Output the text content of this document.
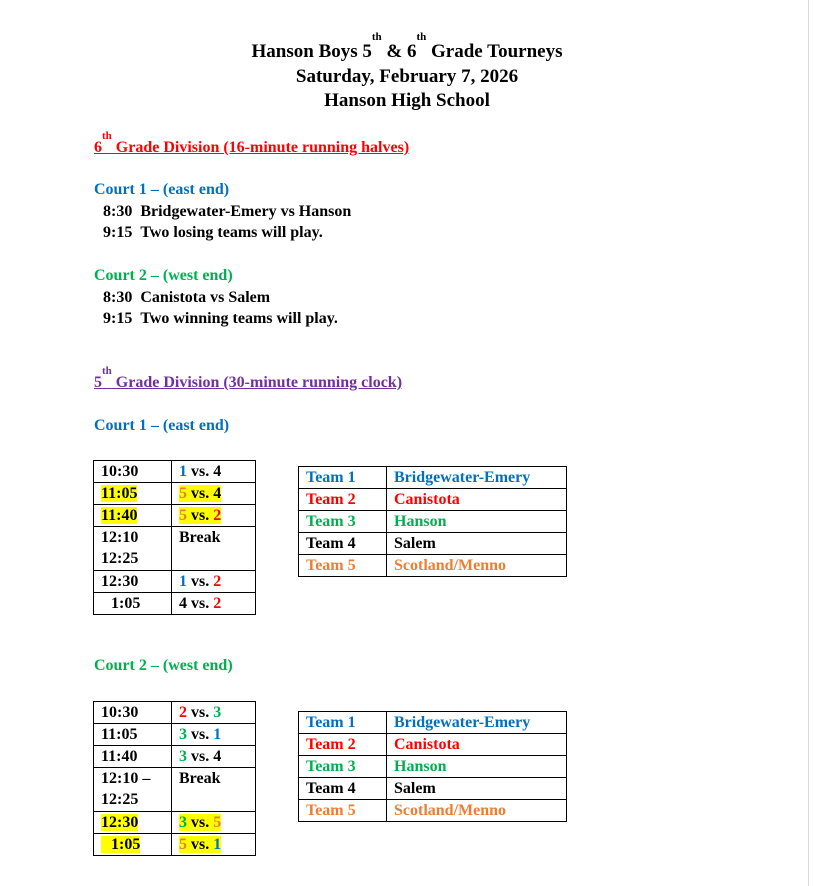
Hanson Boys 5th & 6th Grade Tourneys
Saturday, February 7, 2026
Hanson High School
6th Grade Division (16-minute running halves)
Court 1 – (east end)
8:30 Bridgewater-Emery vs Hanson
9:15 Two losing teams will play.
Court 2 – (west end)
8:30 Canistota vs Salem
9:15 Two winning teams will play.
5th Grade Division (30-minute running clock)
Court 1 – (east end)
10:30	1 vs. 4
11:05	5 vs. 4
11:40	5 vs. 2

12:10
12:25	Break
12:30	1 vs. 2
1:05	4 vs. 2
Team 1	Bridgewater-Emery
Team 2	Canistota
Team 3	Hanson
Team 4	Salem
Team 5	Scotland/Menno
Court 2 – (west end)
10:30	2 vs. 3
11:05	3 vs. 1
11:40	3 vs. 4

12:10 –
12:25	Break
12:30	3 vs. 5
1:05	5 vs. 1
Team 1	Bridgewater-Emery
Team 2	Canistota
Team 3	Hanson
Team 4	Salem
Team 5	Scotland/Menno
